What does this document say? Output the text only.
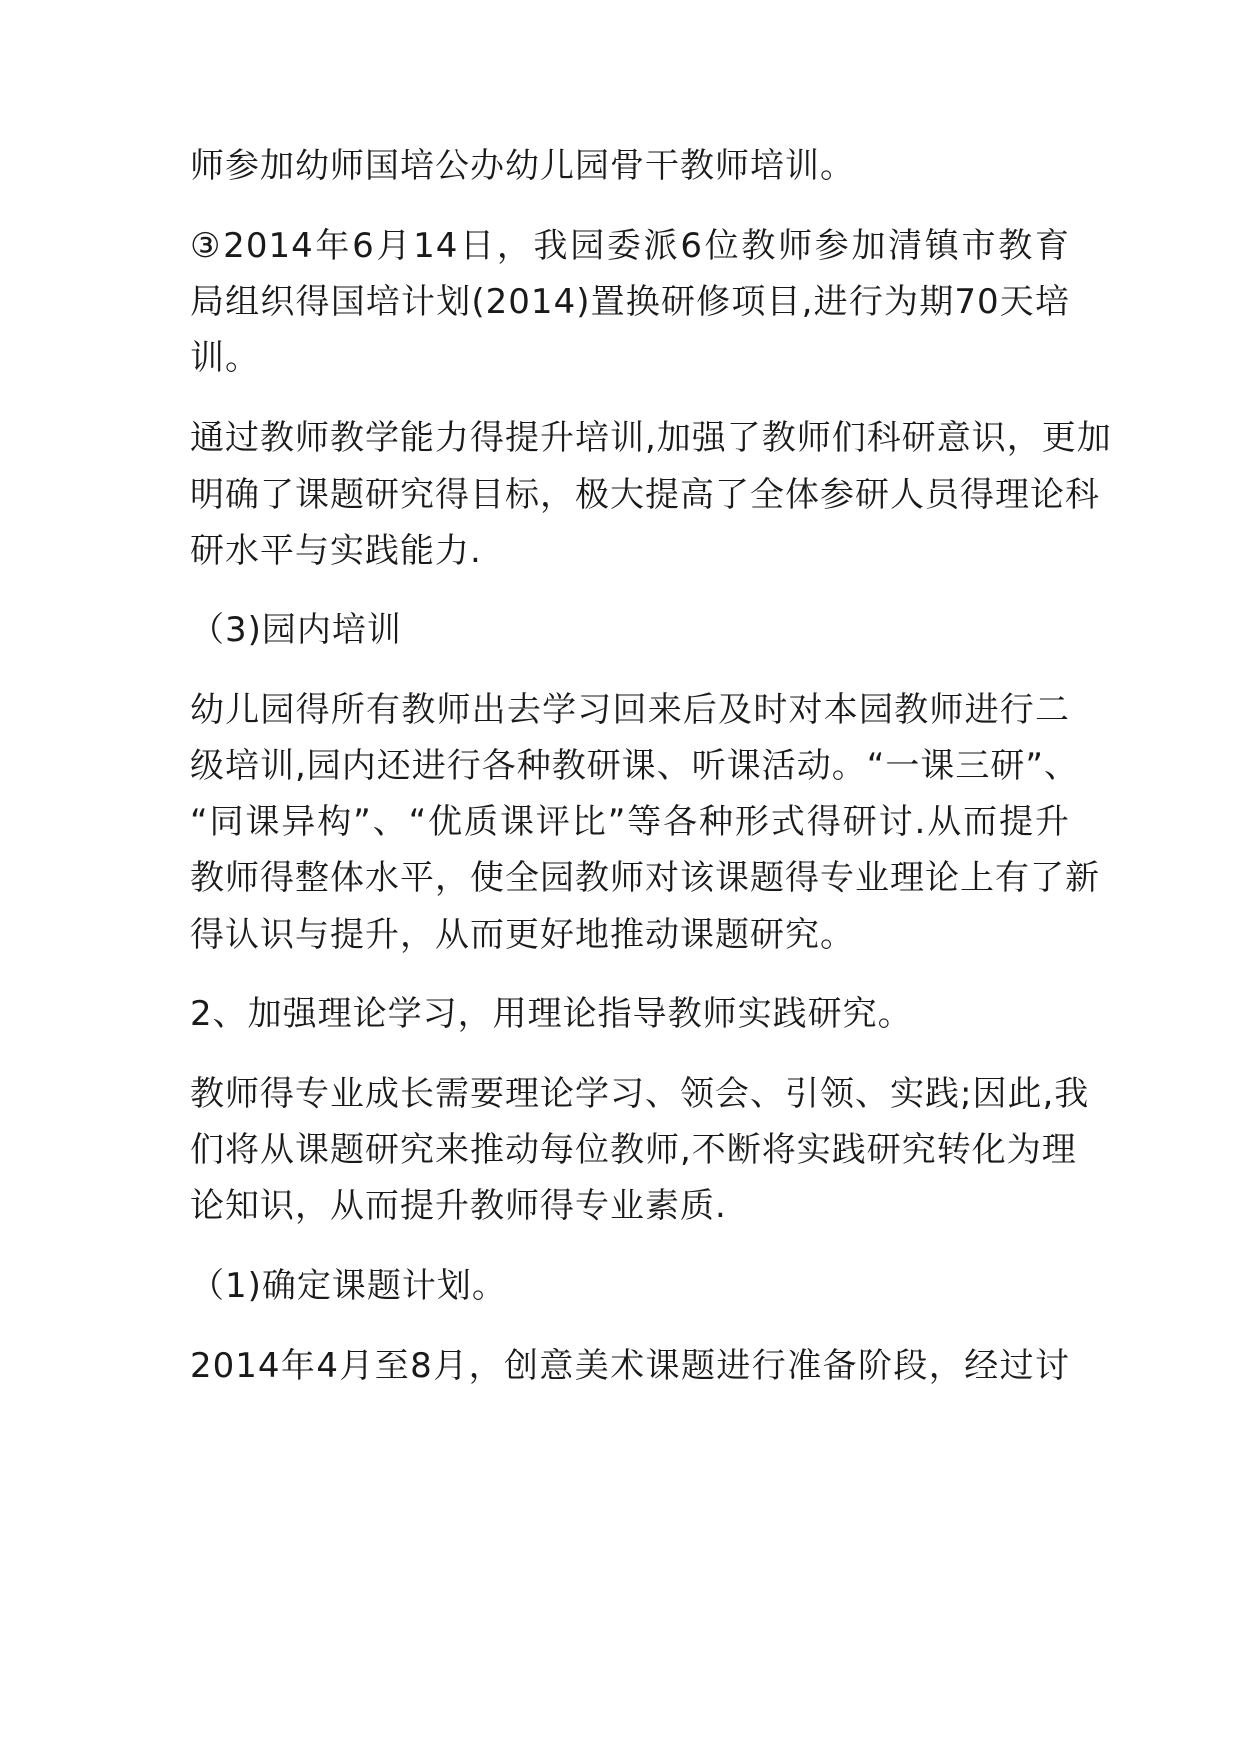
师参加幼师国培公办幼儿园骨干教师培训。
③2014年6月14日，我园委派6位教师参加清镇市教育
局组织得国培计划(2014)置换研修项目,进行为期70天培
训。
通过教师教学能力得提升培训,加强了教师们科研意识，更加
明确了课题研究得目标，极大提高了全体参研人员得理论科
研水平与实践能力.
（3)园内培训
幼儿园得所有教师出去学习回来后及时对本园教师进行二
级培训,园内还进行各种教研课、听课活动。“一课三研”、
“同课异构”、“优质课评比”等各种形式得研讨.从而提升
教师得整体水平，使全园教师对该课题得专业理论上有了新
得认识与提升，从而更好地推动课题研究。
2、加强理论学习，用理论指导教师实践研究。
教师得专业成长需要理论学习、领会、引领、实践;因此,我
们将从课题研究来推动每位教师,不断将实践研究转化为理
论知识，从而提升教师得专业素质.
（1)确定课题计划。
2014年4月至8月，创意美术课题进行准备阶段，经过讨
